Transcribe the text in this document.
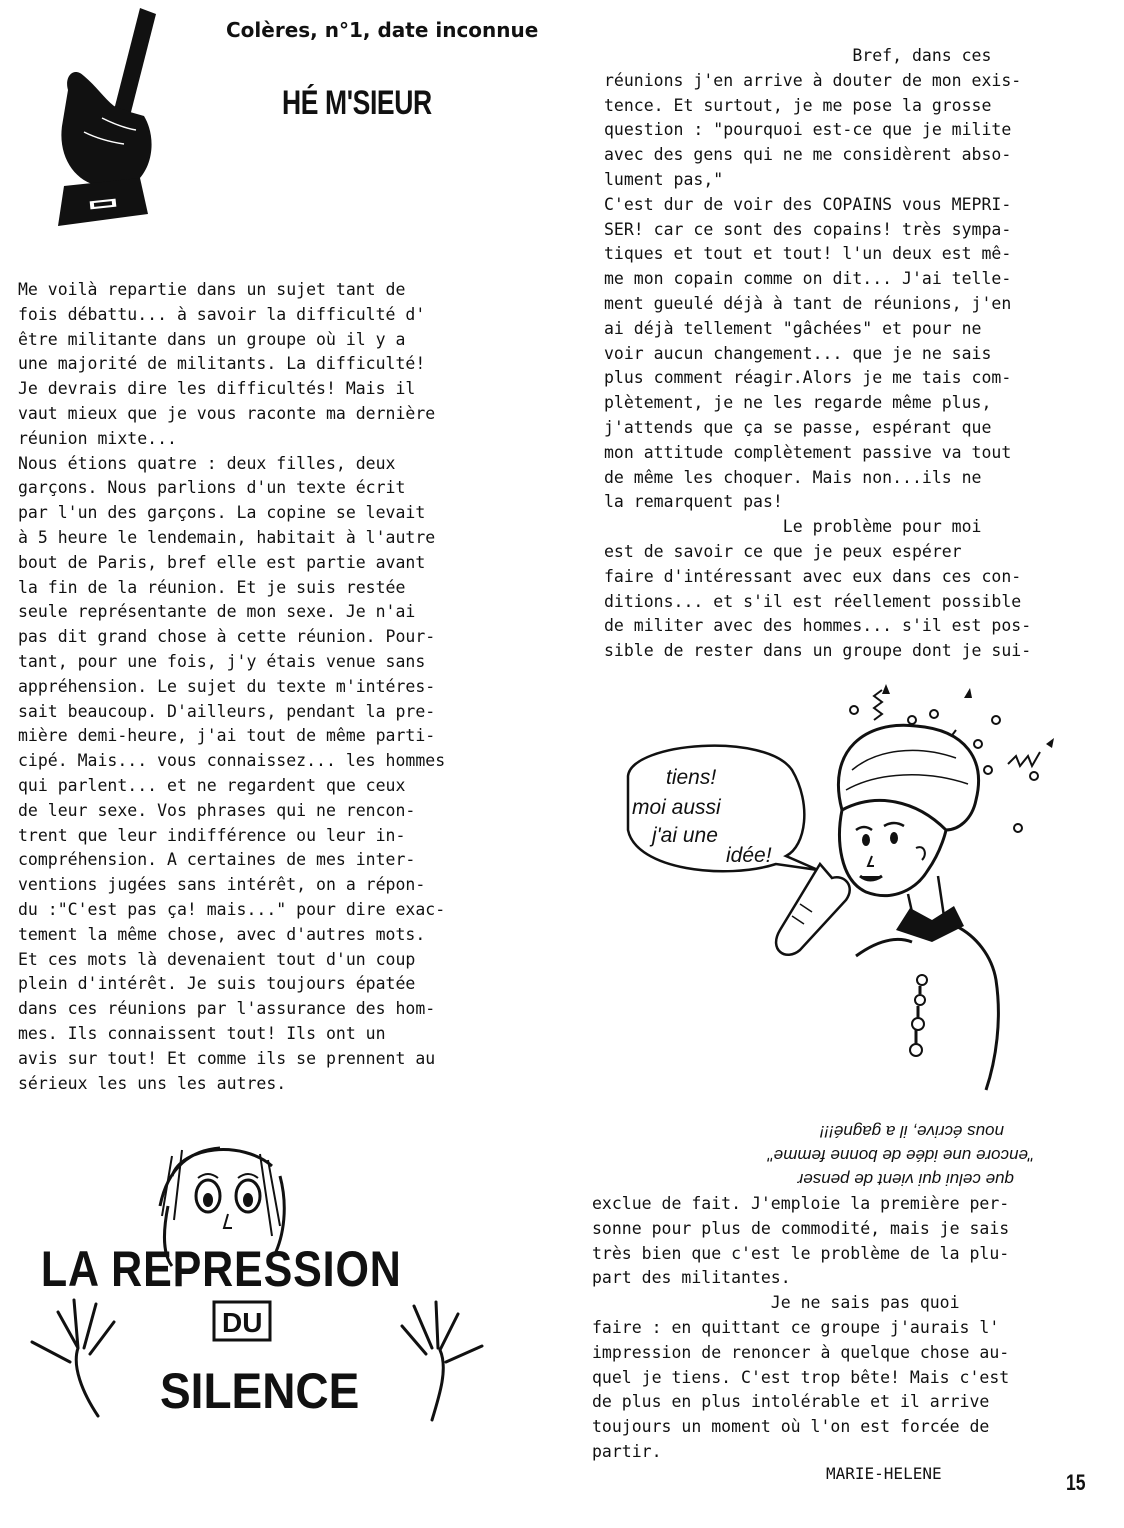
Colères, n°1, date inconnue
HÉ M'SIEUR
Me voilà repartie dans un sujet tant de
fois débattu... à savoir la difficulté d'
être militante dans un groupe où il y a
une majorité de militants. La difficulté!
Je devrais dire les difficultés! Mais il
vaut mieux que je vous raconte ma dernière
réunion mixte...
Nous étions quatre : deux filles, deux
garçons. Nous parlions d'un texte écrit
par l'un des garçons. La copine se levait
à 5 heure le lendemain, habitait à l'autre
bout de Paris, bref elle est partie avant
la fin de la réunion. Et je suis restée
seule représentante de mon sexe. Je n'ai
pas dit grand chose à cette réunion. Pour-
tant, pour une fois, j'y étais venue sans
appréhension. Le sujet du texte m'intéres-
sait beaucoup. D'ailleurs, pendant la pre-
mière demi-heure, j'ai tout de même parti-
cipé. Mais... vous connaissez... les hommes
qui parlent... et ne regardent que ceux
de leur sexe. Vos phrases qui ne rencon-
trent que leur indifférence ou leur in-
compréhension. A certaines de mes inter-
ventions jugées sans intérêt, on a répon-
du :"C'est pas ça! mais..." pour dire exac-
tement la même chose, avec d'autres mots.
Et ces mots là devenaient tout d'un coup
plein d'intérêt. Je suis toujours épatée
dans ces réunions par l'assurance des hom-
mes. Ils connaissent tout! Ils ont un
avis sur tout! Et comme ils se prennent au
sérieux les uns les autres.
Bref, dans ces
réunions j'en arrive à douter de mon exis-
tence. Et surtout, je me pose la grosse
question : "pourquoi est-ce que je milite
avec des gens qui ne me considèrent abso-
lument pas,"
C'est dur de voir des COPAINS vous MEPRI-
SER! car ce sont des copains! très sympa-
tiques et tout et tout! l'un deux est mê-
me mon copain comme on dit... J'ai telle-
ment gueulé déjà à tant de réunions, j'en
ai déjà tellement "gâchées" et pour ne
voir aucun changement... que je ne sais
plus comment réagir.Alors je me tais com-
plètement, je ne les regarde même plus,
j'attends que ça se passe, espérant que
mon attitude complètement passive va tout
de même les choquer. Mais non...ils ne
la remarquent pas!
Le problème pour moi
est de savoir ce que je peux espérer
faire d'intéressant avec eux dans ces con-
ditions... et s'il est réellement possible
de militer avec des hommes... s'il est pos-
sible de rester dans un groupe dont je sui-
tiens!
moi aussi
j'ai une
idée!
que celui qui vient de penser
"encore une idée de bonne femme"
nous écrive, il a gagné!!!
exclue de fait. J'emploie la première per-
sonne pour plus de commodité, mais je sais
très bien que c'est le problème de la plu-
part des militantes.
Je ne sais pas quoi
faire : en quittant ce groupe j'aurais l'
impression de renoncer à quelque chose au-
quel je tiens. C'est trop bête! Mais c'est
de plus en plus intolérable et il arrive
toujours un moment où l'on est forcée de
partir.
MARIE-HELENE	15
LA REPRESSION
DU
SILENCE
